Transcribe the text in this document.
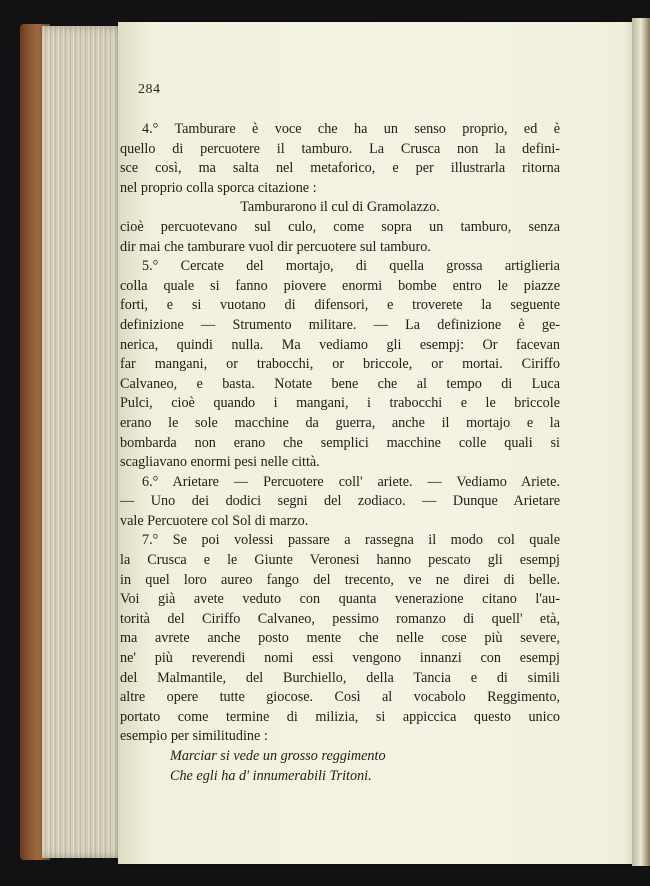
284
4.° Tamburare è voce che ha un senso proprio, ed è
quello di percuotere il tamburo. La Crusca non la defini-
sce così, ma salta nel metaforico, e per illustrarla ritorna
nel proprio colla sporca citazione :
Tamburarono il cul di Gramolazzo.
cioè percuotevano sul culo, come sopra un tamburo, senza
dir mai che tamburare vuol dir percuotere sul tamburo.
5.° Cercate del mortajo, di quella grossa artiglieria
colla quale si fanno piovere enormi bombe entro le piazze
forti, e si vuotano di difensori, e troverete la seguente
definizione — Strumento militare. — La definizione è ge-
nerica, quindi nulla. Ma vediamo gli esempj: Or facevan
far mangani, or trabocchi, or briccole, or mortai. Ciriffo
Calvaneo, e basta. Notate bene che al tempo di Luca
Pulci, cioè quando i mangani, i trabocchi e le briccole
erano le sole macchine da guerra, anche il mortajo e la
bombarda non erano che semplici macchine colle quali si
scagliavano enormi pesi nelle città.
6.° Arietare — Percuotere coll' ariete. — Vediamo Ariete.
— Uno dei dodici segni del zodiaco. — Dunque Arietare
vale Percuotere col Sol di marzo.
7.° Se poi volessi passare a rassegna il modo col quale
la Crusca e le Giunte Veronesi hanno pescato gli esempj
in quel loro aureo fango del trecento, ve ne direi di belle.
Voi già avete veduto con quanta venerazione citano l'au-
torità del Ciriffo Calvaneo, pessimo romanzo di quell' età,
ma avrete anche posto mente che nelle cose più severe,
ne' più reverendi nomi essi vengono innanzi con esempj
del Malmantile, del Burchiello, della Tancia e di simili
altre opere tutte giocose. Così al vocabolo Reggimento,
portato come termine di milizia, si appiccica questo unico
esempio per similitudine :
Marciar si vede un grosso reggimento
Che egli ha d' innumerabili Tritoni.
